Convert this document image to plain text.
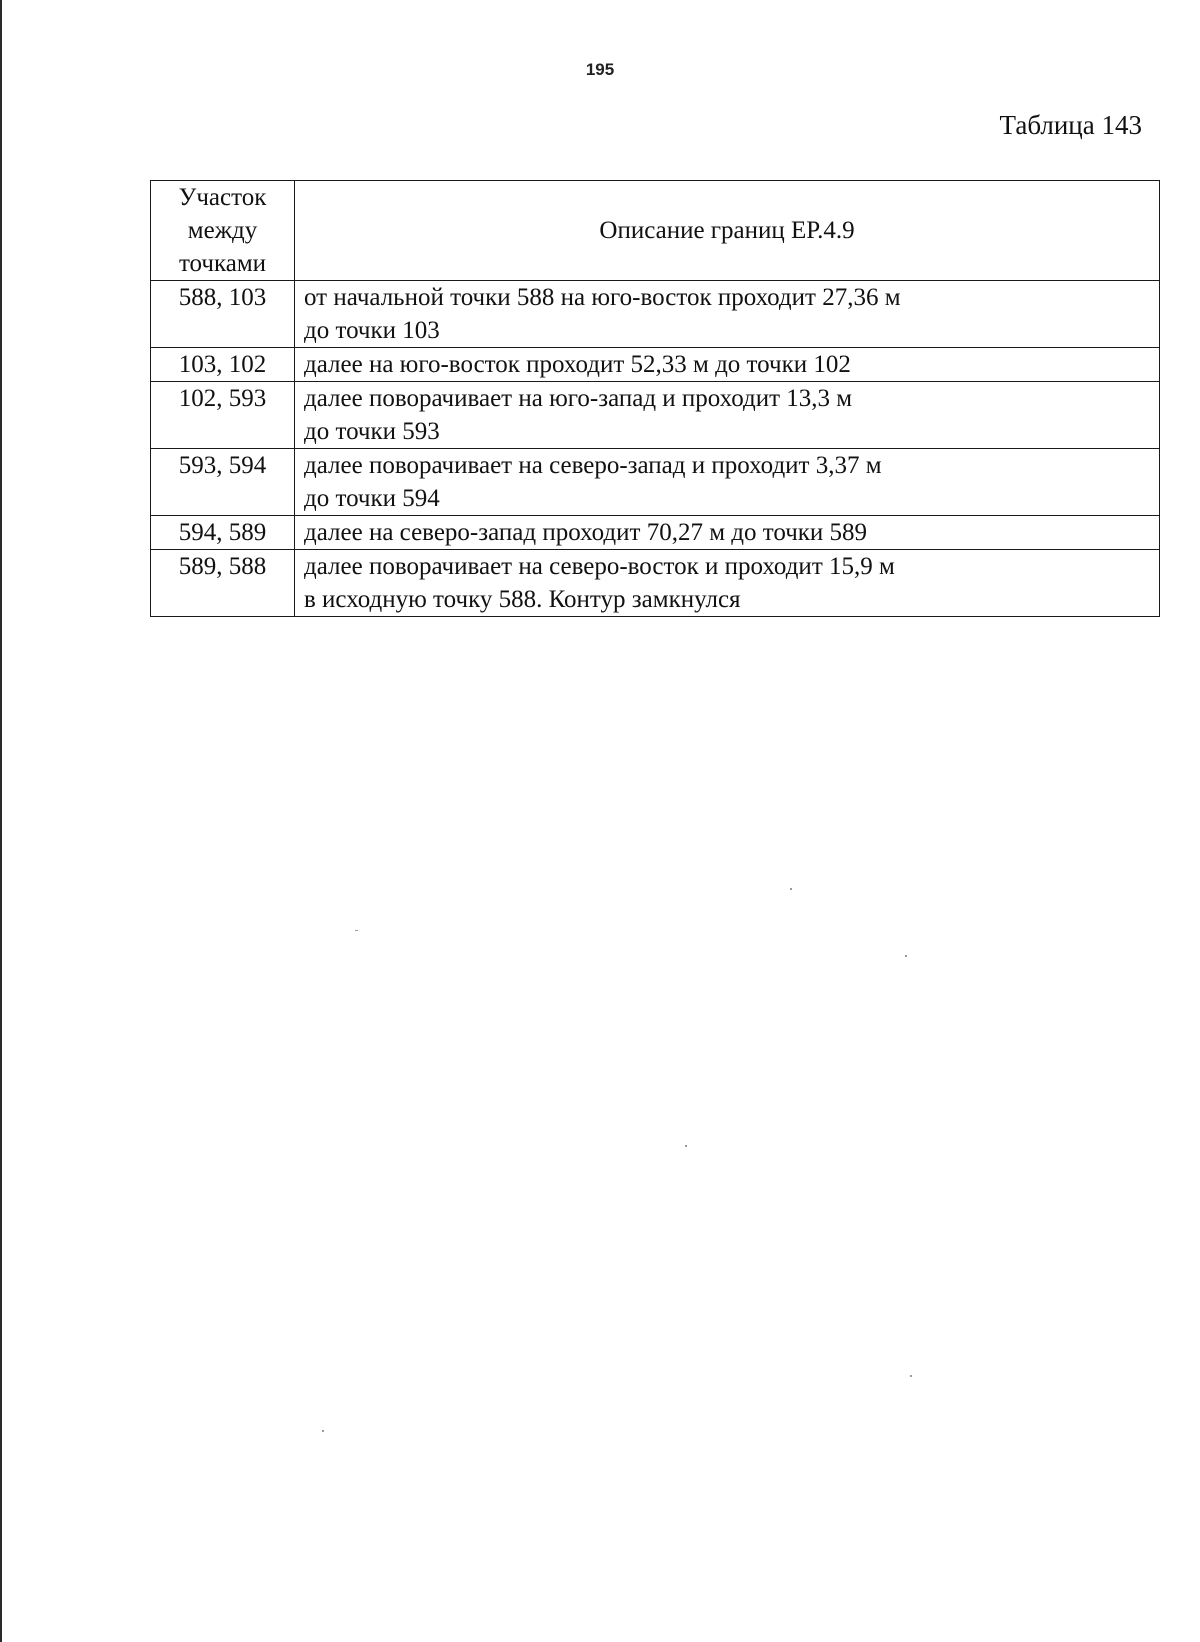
195
Таблица 143
Участок
между
точками	Описание границ ЕР.4.9
588, 103	от начальной точки 588 на юго-восток проходит 27,36 м
до точки 103

103, 102	далее на юго-восток проходит 52,33 м до точки 102

102, 593	далее поворачивает на юго-запад и проходит 13,3 м
до точки 593

593, 594	далее поворачивает на северо-запад и проходит 3,37 м
до точки 594

594, 589	далее на северо-запад проходит 70,27 м до точки 589

589, 588	далее поворачивает на северо-восток и проходит 15,9 м
в исходную точку 588. Контур замкнулся
